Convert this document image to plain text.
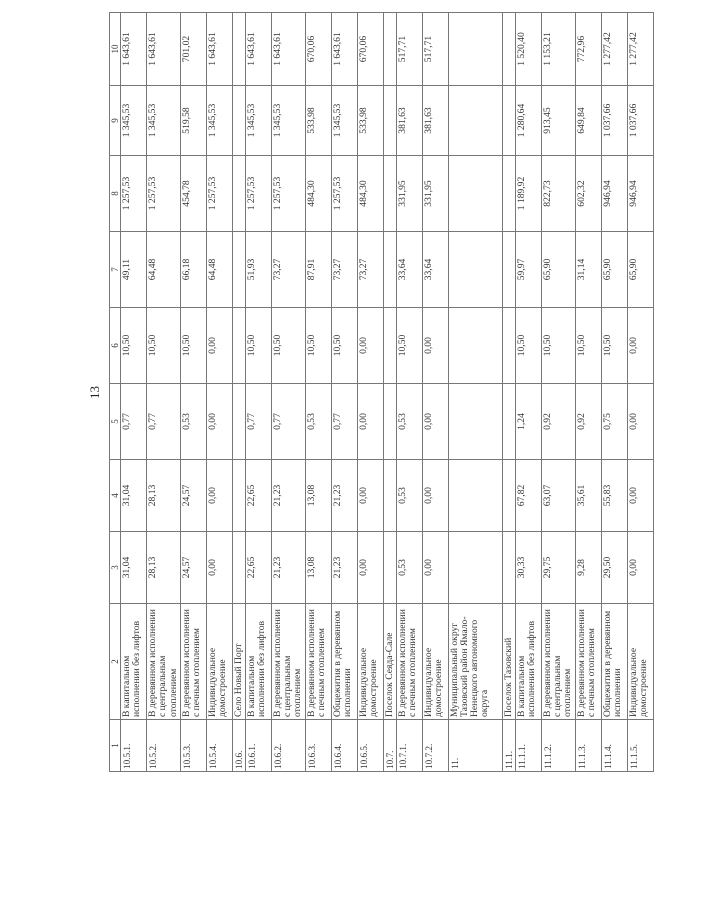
13
1	2	3	4	5	6	7	8	9	10
10.5.1.	В капитальном исполнении без лифтов	31,04	31,04	0,77	10,50	49,11	1 257,53	1 345,53	1 643,61
10.5.2.	В деревянном исполнении с центральным отоплением	28,13	28,13	0,77	10,50	64,48	1 257,53	1 345,53	1 643,61
10.5.3.	В деревянном исполнении с печным отоплением	24,57	24,57	0,53	10,50	66,18	454,78	519,58	701,02
10.5.4.	Индивидуальное домостроение	0,00	0,00	0,00	0,00	64,48	1 257,53	1 345,53	1 643,61
10.6.	Село Новый Порт								
10.6.1.	В капитальном исполнении без лифтов	22,65	22,65	0,77	10,50	51,93	1 257,53	1 345,53	1 643,61
10.6.2.	В деревянном исполнении с центральным отоплением	21,23	21,23	0,77	10,50	73,27	1 257,53	1 345,53	1 643,61
10.6.3.	В деревянном исполнении с печным отоплением	13,08	13,08	0,53	10,50	87,91	484,30	533,98	670,06
10.6.4.	Общежития в деревянном исполнении	21,23	21,23	0,77	10,50	73,27	1 257,53	1 345,53	1 643,61
10.6.5.	Индивидуальное домостроение	0,00	0,00	0,00	0,00	73,27	484,30	533,98	670,06
10.7.	Поселок Сеяда-Сале								
10.7.1.	В деревянном исполнении с печным отоплением	0,53	0,53	0,53	10,50	33,64	331,95	381,63	517,71
10.7.2.	Индивидуальное домостроение	0,00	0,00	0,00	0,00	33,64	331,95	381,63	517,71
11.	Муниципальный округ Тазовский район Ямало-Ненецкого автономного округа								
11.1.	Поселок Тазовский								
11.1.1.	В капитальном исполнении без лифтов	30,33	67,82	1,24	10,50	59,97	1 189,92	1 280,64	1 520,40
11.1.2.	В деревянном исполнении с центральным отоплением	29,75	63,07	0,92	10,50	65,90	822,73	913,45	1 153,21
11.1.3.	В деревянном исполнении с печным отоплением	9,28	35,61	0,92	10,50	31,14	602,32	649,84	772,96
11.1.4.	Общежития в деревянном исполнении	29,50	55,83	0,75	10,50	65,90	946,94	1 037,66	1 277,42
11.1.5.	Индивидуальное домостроение	0,00	0,00	0,00	0,00	65,90	946,94	1 037,66	1 277,42
